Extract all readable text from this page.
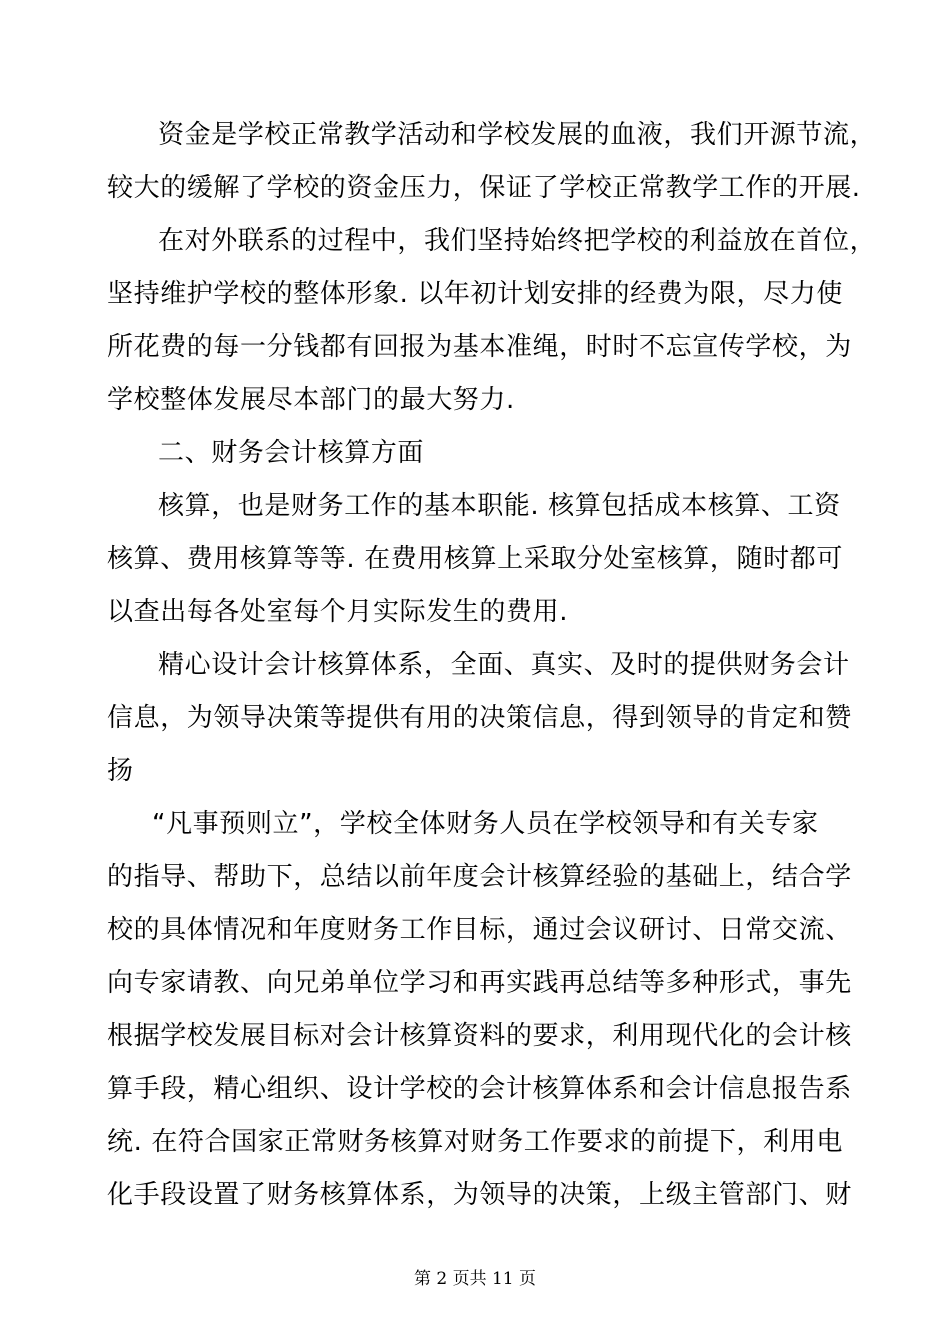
资金是学校正常教学活动和学校发展的血液，我们开源节流，

较大的缓解了学校的资金压力，保证了学校正常教学工作的开展.

在对外联系的过程中，我们坚持始终把学校的利益放在首位，

坚持维护学校的整体形象. 以年初计划安排的经费为限，尽力使

所花费的每一分钱都有回报为基本准绳，时时不忘宣传学校，为

学校整体发展尽本部门的最大努力.

二、财务会计核算方面

核算，也是财务工作的基本职能. 核算包括成本核算、工资

核算、费用核算等等. 在费用核算上采取分处室核算，随时都可

以查出每各处室每个月实际发生的费用.

精心设计会计核算体系，全面、真实、及时的提供财务会计

信息，为领导决策等提供有用的决策信息，得到领导的肯定和赞

扬

“凡事预则立”，学校全体财务人员在学校领导和有关专家

的指导、帮助下，总结以前年度会计核算经验的基础上，结合学

校的具体情况和年度财务工作目标，通过会议研讨、日常交流、

向专家请教、向兄弟单位学习和再实践再总结等多种形式，事先

根据学校发展目标对会计核算资料的要求，利用现代化的会计核

算手段，精心组织、设计学校的会计核算体系和会计信息报告系

统. 在符合国家正常财务核算对财务工作要求的前提下，利用电

化手段设置了财务核算体系，为领导的决策，上级主管部门、财

第 2 页共 11 页
